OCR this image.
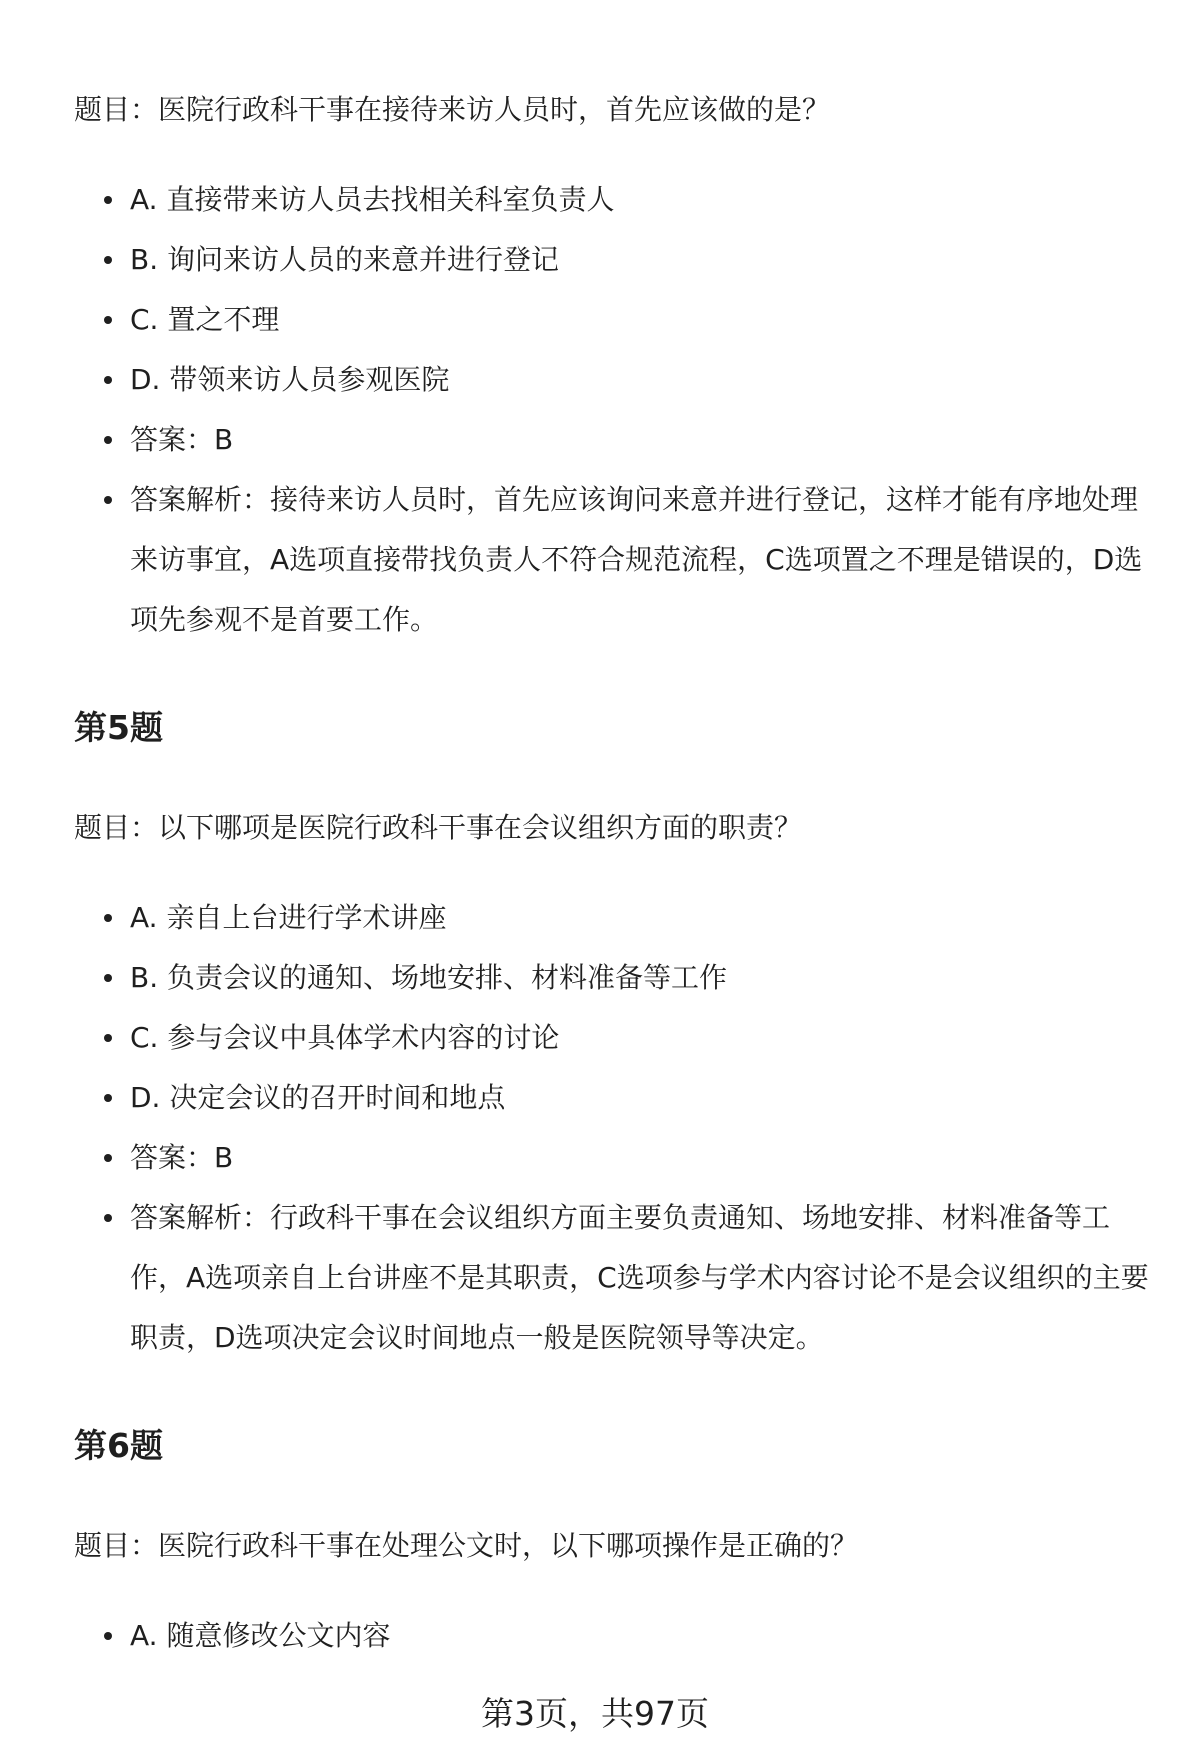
题目：医院行政科干事在接待来访人员时，首先应该做的是？

A. 直接带来访人员去找相关科室负责人
B. 询问来访人员的来意并进行登记
C. 置之不理
D. 带领来访人员参观医院
答案：B
答案解析：接待来访人员时，首先应该询问来意并进行登记，这样才能有序地处理来访事宜，A选项直接带找负责人不符合规范流程，C选项置之不理是错误的，D选项先参观不是首要工作。
第5题

题目：以下哪项是医院行政科干事在会议组织方面的职责？

A. 亲自上台进行学术讲座
B. 负责会议的通知、场地安排、材料准备等工作
C. 参与会议中具体学术内容的讨论
D. 决定会议的召开时间和地点
答案：B
答案解析：行政科干事在会议组织方面主要负责通知、场地安排、材料准备等工作，A选项亲自上台讲座不是其职责，C选项参与学术内容讨论不是会议组织的主要职责，D选项决定会议时间地点一般是医院领导等决定。
第6题

题目：医院行政科干事在处理公文时，以下哪项操作是正确的？

A. 随意修改公文内容
第3页，共97页
